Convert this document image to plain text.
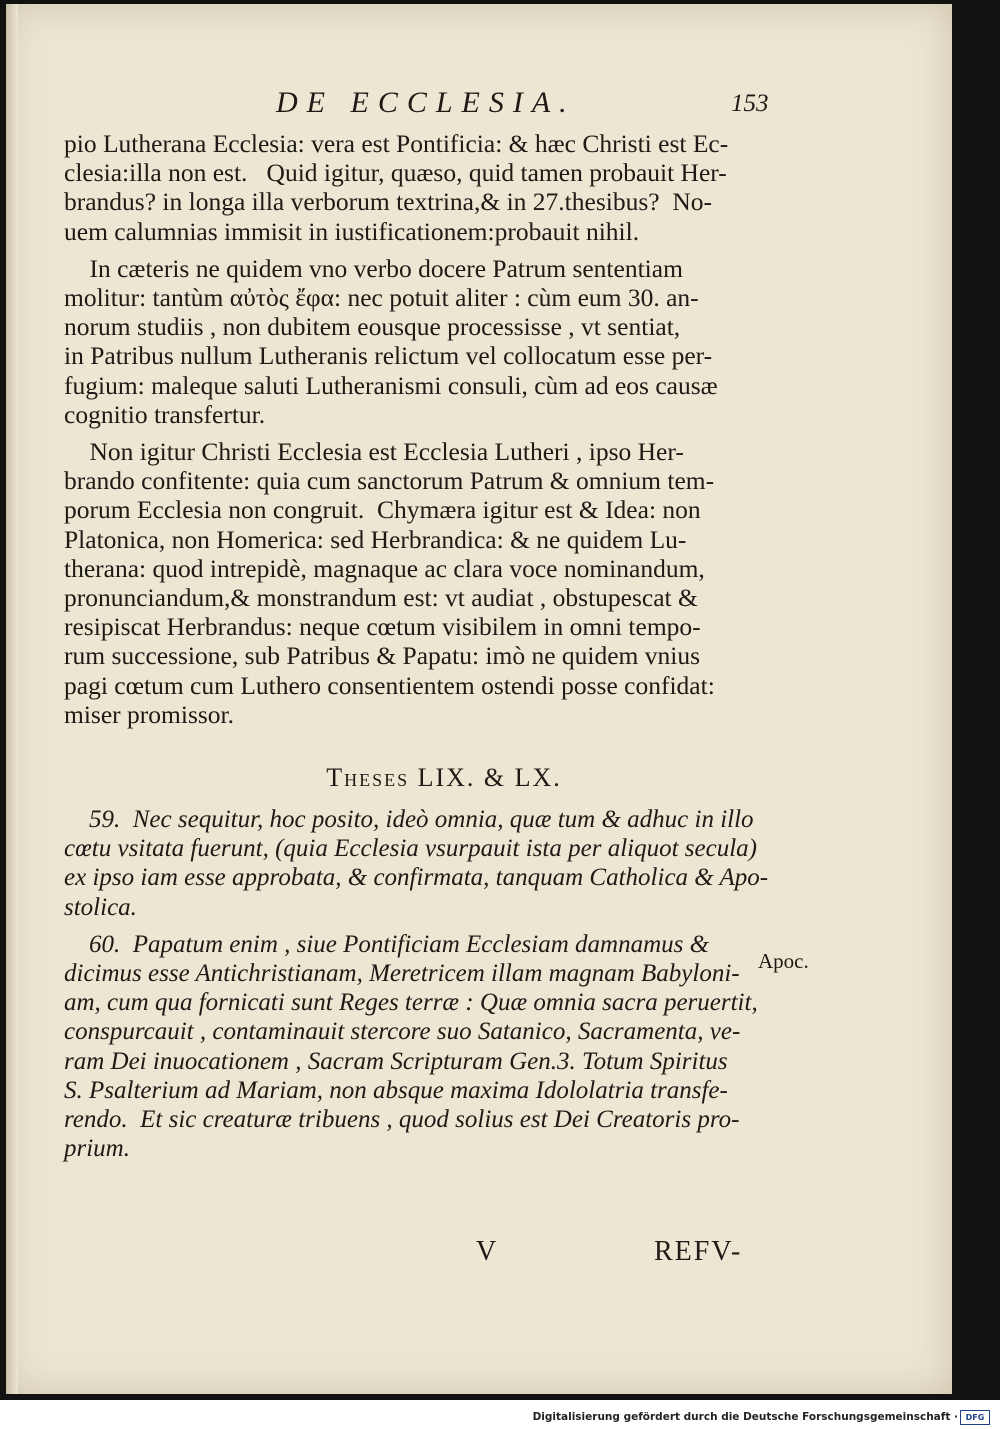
DE ECCLESIA.	153
pio Lutherana Ecclesia: vera est Pontificia: & hæc Christi est Ec-
clesia:illa non est.   Quid igitur, quæso, quid tamen probauit Her-
brandus? in longa illa verborum textrina,& in 27.thesibus?  No-
uem calumnias immisit in iustificationem:probauit nihil.
In cæteris ne quidem vno verbo docere Patrum sententiam
molitur: tantùm αὐτὸς ἔφα: nec potuit aliter : cùm eum 30. an-
norum studiis , non dubitem eousque processisse , vt sentiat,
in Patribus nullum Lutheranis relictum vel collocatum esse per-
fugium: maleque saluti Lutheranismi consuli, cùm ad eos causæ
cognitio transfertur.
Non igitur Christi Ecclesia est Ecclesia Lutheri , ipso Her-
brando confitente: quia cum sanctorum Patrum & omnium tem-
porum Ecclesia non congruit.  Chymæra igitur est & Idea: non
Platonica, non Homerica: sed Herbrandica: & ne quidem Lu-
therana: quod intrepidè, magnaque ac clara voce nominandum,
pronunciandum,& monstrandum est: vt audiat , obstupescat &
resipiscat Herbrandus: neque cœtum visibilem in omni tempo-
rum successione, sub Patribus & Papatu: imò ne quidem vnius
pagi cœtum cum Luthero consentientem ostendi posse confidat:
miser promissor.
Theses LIX. & LX.
59.  Nec sequitur, hoc posito, ideò omnia, quæ tum & adhuc in illo
cœtu vsitata fuerunt, (quia Ecclesia vsurpauit ista per aliquot secula)
ex ipso iam esse approbata, & confirmata, tanquam Catholica & Apo-
stolica.
60.  Papatum enim , siue Pontificiam Ecclesiam damnamus &
dicimus esse Antichristianam, Meretricem illam magnam Babyloni-
am, cum qua fornicati sunt Reges terræ : Quæ omnia sacra peruertit,
conspurcauit , contaminauit stercore suo Satanico, Sacramenta, ve-
ram Dei inuocationem , Sacram Scripturam Gen.3. Totum Spiritus
S. Psalterium ad Mariam, non absque maxima Idololatria transfe-
rendo.  Et sic creaturæ tribuens , quod solius est Dei Creatoris pro-
prium.
Apoc.
V	REFV-
Digitalisierung gefördert durch die Deutsche Forschungsgemeinschaft · DFG
